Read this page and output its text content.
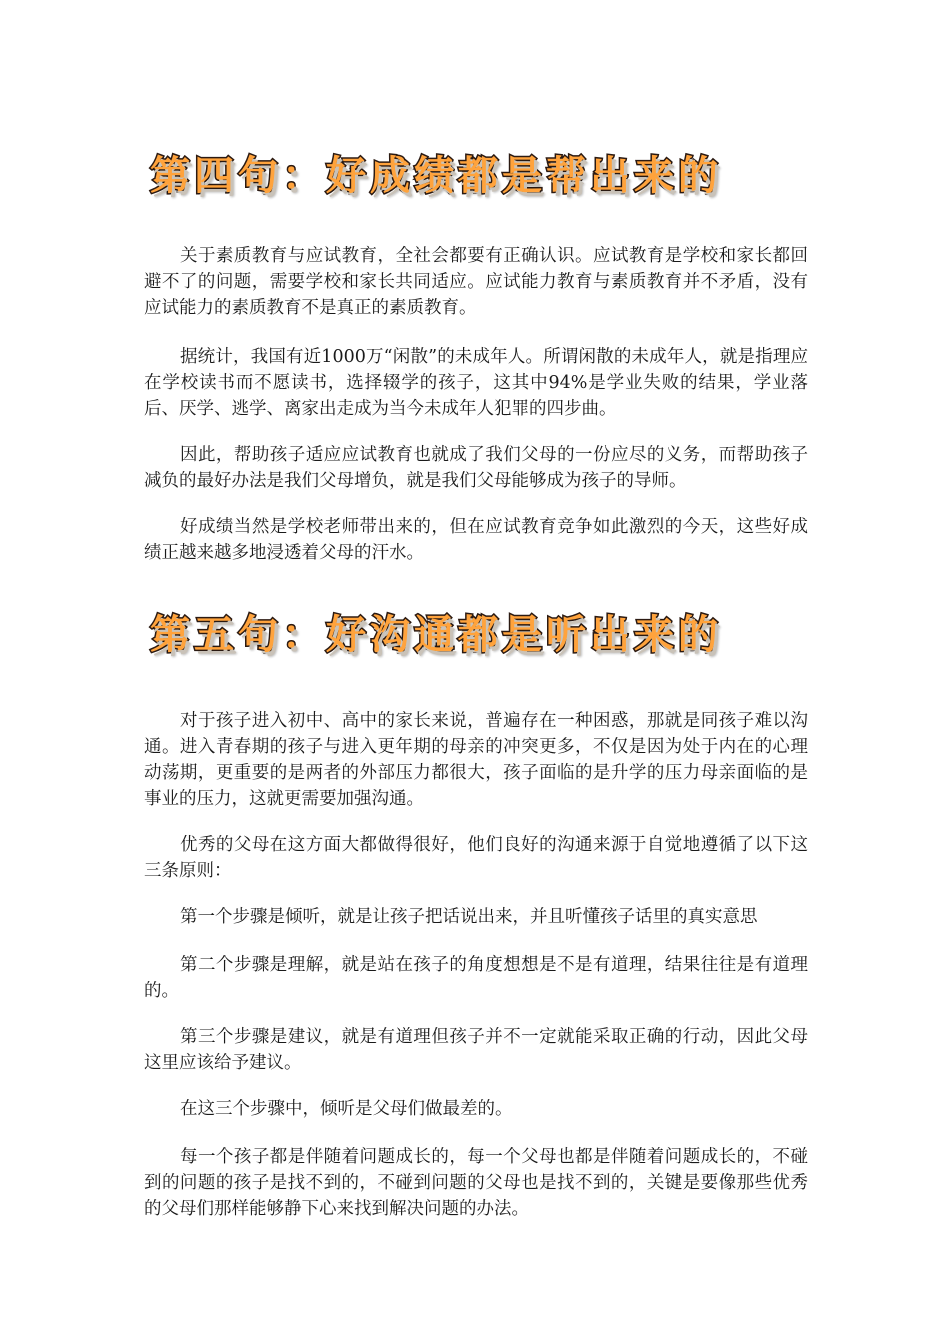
第四句：好成绩都是帮出来的

关于素质教育与应试教育，全社会都要有正确认识。应试教育是学校和家长都回避不了的问题，需要学校和家长共同适应。应试能力教育与素质教育并不矛盾，没有应试能力的素质教育不是真正的素质教育。

据统计，我国有近1000万“闲散”的未成年人。所谓闲散的未成年人，就是指理应在学校读书而不愿读书，选择辍学的孩子，这其中94%是学业失败的结果，学业落后、厌学、逃学、离家出走成为当今未成年人犯罪的四步曲。

因此，帮助孩子适应应试教育也就成了我们父母的一份应尽的义务，而帮助孩子减负的最好办法是我们父母增负，就是我们父母能够成为孩子的导师。

好成绩当然是学校老师带出来的，但在应试教育竞争如此激烈的今天，这些好成绩正越来越多地浸透着父母的汗水。

第五句：好沟通都是听出来的

对于孩子进入初中、高中的家长来说，普遍存在一种困惑，那就是同孩子难以沟通。进入青春期的孩子与进入更年期的母亲的冲突更多，不仅是因为处于内在的心理动荡期，更重要的是两者的外部压力都很大，孩子面临的是升学的压力母亲面临的是事业的压力，这就更需要加强沟通。

优秀的父母在这方面大都做得很好，他们良好的沟通来源于自觉地遵循了以下这三条原则：

第一个步骤是倾听，就是让孩子把话说出来，并且听懂孩子话里的真实意思

第二个步骤是理解，就是站在孩子的角度想想是不是有道理，结果往往是有道理的。

第三个步骤是建议，就是有道理但孩子并不一定就能采取正确的行动，因此父母这里应该给予建议。

在这三个步骤中，倾听是父母们做最差的。

每一个孩子都是伴随着问题成长的，每一个父母也都是伴随着问题成长的，不碰到的问题的孩子是找不到的，不碰到问题的父母也是找不到的，关键是要像那些优秀的父母们那样能够静下心来找到解决问题的办法。
